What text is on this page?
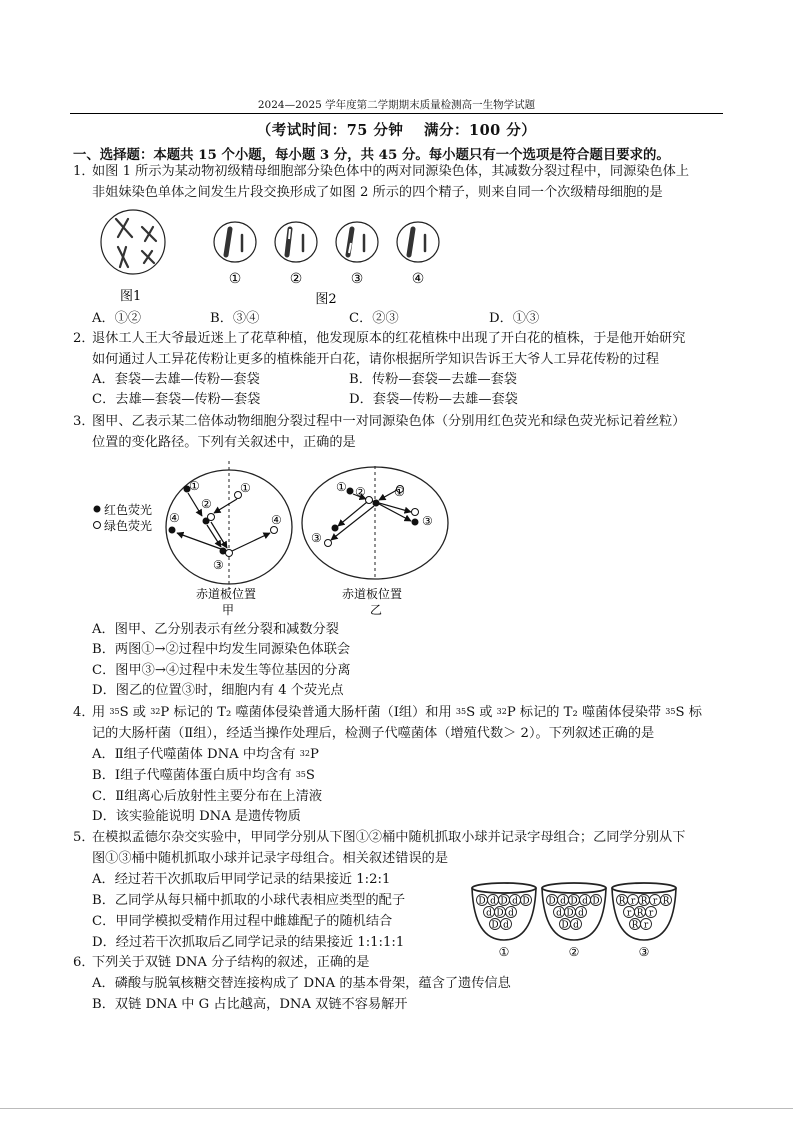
2024—2025 学年度第二学期期末质量检测高一生物学试题
（考试时间：75 分钟　 满分：100 分）
一、选择题：本题共 15 个小题，每小题 3 分，共 45 分。每小题只有一个选项是符合题目要求的。
1．
如图 1 所示为某动物初级精母细胞部分染色体中的两对同源染色体，其减数分裂过程中，同源染色体上
非姐妹染色单体之间发生片段交换形成了如图 2 所示的四个精子，则来自同一个次级精母细胞的是
图1
①	②	③	④
图2
A．①②	B．③④	C．②③	D．①③
2．
退休工人王大爷最近迷上了花草种植，他发现原本的红花植株中出现了开白花的植株，于是他开始研究
如何通过人工异花传粉让更多的植株能开白花，请你根据所学知识告诉王大爷人工异花传粉的过程
A．套袋—去雄—传粉—套袋	B．传粉—套袋—去雄—套袋
C．去雄—套袋—传粉—套袋	D．套袋—传粉—去雄—套袋
3．
图甲、乙表示某二倍体动物细胞分裂过程中一对同源染色体（分别用红色荧光和绿色荧光标记着丝粒）
位置的变化路径。下列有关叙述中，正确的是
红色荧光
绿色荧光
①	①
②
③
④	④
赤道板位置
甲
①	①
②
③
③
赤道板位置
乙
A．图甲、乙分别表示有丝分裂和减数分裂
B．两图①→②过程中均发生同源染色体联会
C．图甲③→④过程中未发生等位基因的分离
D．图乙的位置③时，细胞内有 4 个荧光点
4．
用 $^{35}$S 或 $^{32}$P 标记的 T₂ 噬菌体侵染普通大肠杆菌（Ⅰ组）和用 $^{35}$S 或 $^{32}$P 标记的 T₂ 噬菌体侵染带 $^{35}$S 标
记的大肠杆菌（Ⅱ组），经适当操作处理后，检测子代噬菌体（增殖代数＞ 2）。下列叙述正确的是
A．Ⅱ组子代噬菌体 DNA 中均含有 $^{32}$P
B．Ⅰ组子代噬菌体蛋白质中均含有 $^{35}$S
C．Ⅱ组离心后放射性主要分布在上清液
D．该实验能说明 DNA 是遗传物质
5．
在模拟孟德尔杂交实验中，甲同学分别从下图①②桶中随机抓取小球并记录字母组合；乙同学分别从下
图①③桶中随机抓取小球并记录字母组合。相关叙述错误的是
A．经过若干次抓取后甲同学记录的结果接近 1:2:1
B．乙同学从每只桶中抓取的小球代表相应类型的配子
C．甲同学模拟受精作用过程中雌雄配子的随机结合
D．经过若干次抓取后乙同学记录的结果接近 1:1:1:1
D d D d D
d D d
D d
①
D d D d D
d D d
D d
②
R r R r R
r R r
R r
③
6．
下列关于双链 DNA 分子结构的叙述，正确的是
A．磷酸与脱氧核糖交替连接构成了 DNA 的基本骨架，蕴含了遗传信息
B．双链 DNA 中 G 占比越高，DNA 双链不容易解开
